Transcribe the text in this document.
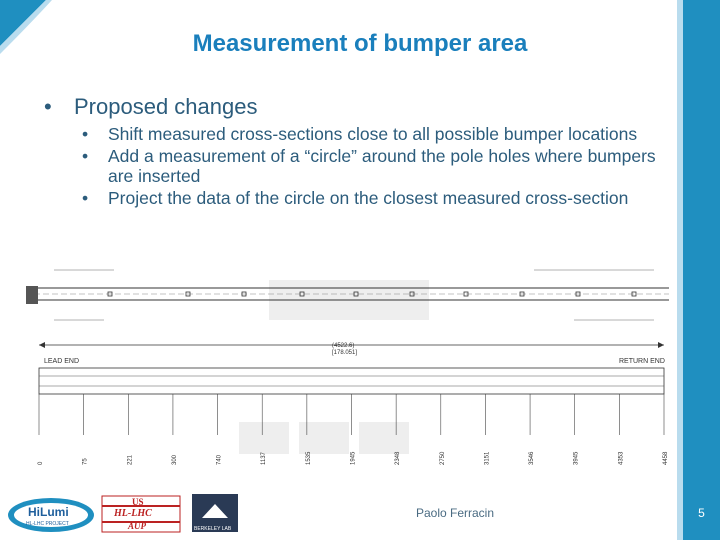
Measurement of bumper area
• Proposed changes
• Shift measured cross-sections close to all possible bumper locations
• Add a measurement of a “circle” around the pole holes where bumpers are inserted
• Project the data of the circle on the closest measured cross-section
(4522.6)
[178.051]
LEAD END	RETURN END
0	75	221	300	740	1137	1535	1945	2348	2750	3151	3546	3945	4353	4458
HiLumi
HL-LHC PROJECT
US
HL-LHC
AUP	BERKELEY LAB
Paolo Ferracin	5
